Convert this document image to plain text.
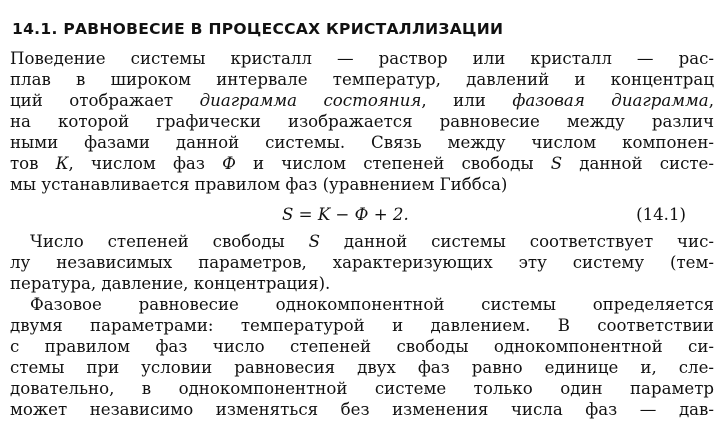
14.1. РАВНОВЕСИЕ В ПРОЦЕССАХ КРИСТАЛЛИЗАЦИИ
Поведение системы кристалл — раствор или кристалл — рас-
плав в широком интервале температур, давлений и концентрац
ций отображает диаграмма состояния, или фазовая диаграмма,
на которой графически изображается равновесие между различ
ными фазами данной системы. Связь между числом компонен-
тов К, числом фаз Ф и числом степеней свободы S данной систе-
мы устанавливается правилом фаз (уравнением Гиббса)
S = K − Ф + 2.	(14.1)
Число степеней свободы S данной системы соответствует чис-
лу независимых параметров, характеризующих эту систему (тем-
пература, давление, концентрация).
Фазовое равновесие однокомпонентной системы определяется
двумя параметрами: температурой и давлением. В соответствии
с правилом фаз число степеней свободы однокомпонентной си-
стемы при условии равновесия двух фаз равно единице и, сле-
довательно, в однокомпонентной системе только один параметр
может независимо изменяться без изменения числа фаз — дав-
